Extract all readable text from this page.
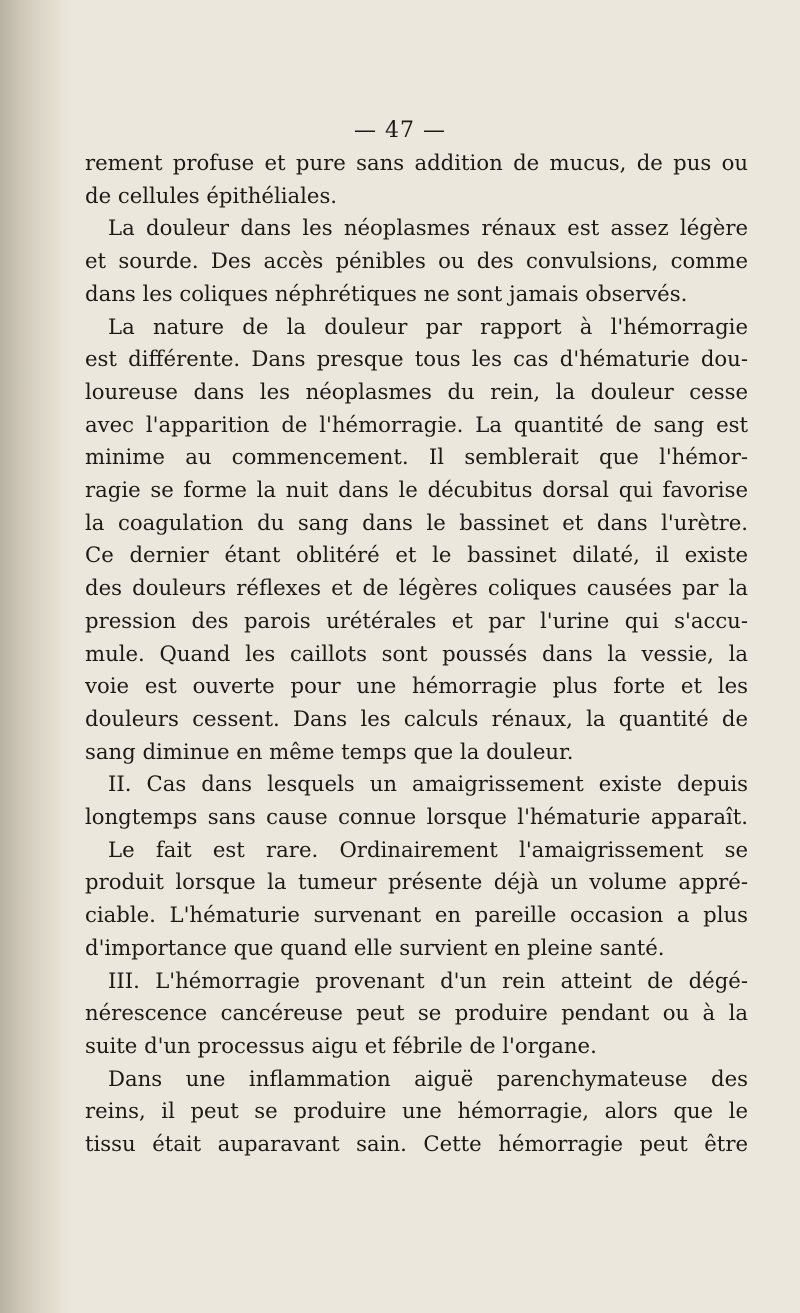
— 47 —
rement profuse et pure sans addition de mucus, de pus ou
de cellules épithéliales.
La douleur dans les néoplasmes rénaux est assez légère
et sourde. Des accès pénibles ou des convulsions, comme
dans les coliques néphrétiques ne sont jamais observés.
La nature de la douleur par rapport à l'hémorragie
est différente. Dans presque tous les cas d'hématurie dou-
loureuse dans les néoplasmes du rein, la douleur cesse
avec l'apparition de l'hémorragie. La quantité de sang est
minime au commencement. Il semblerait que l'hémor-
ragie se forme la nuit dans le décubitus dorsal qui favorise
la coagulation du sang dans le bassinet et dans l'urètre.
Ce dernier étant oblitéré et le bassinet dilaté, il existe
des douleurs réflexes et de légères coliques causées par la
pression des parois urétérales et par l'urine qui s'accu-
mule. Quand les caillots sont poussés dans la vessie, la
voie est ouverte pour une hémorragie plus forte et les
douleurs cessent. Dans les calculs rénaux, la quantité de
sang diminue en même temps que la douleur.
II. Cas dans lesquels un amaigrissement existe depuis
longtemps sans cause connue lorsque l'hématurie apparaît.
Le fait est rare. Ordinairement l'amaigrissement se
produit lorsque la tumeur présente déjà un volume appré-
ciable. L'hématurie survenant en pareille occasion a plus
d'importance que quand elle survient en pleine santé.
III. L'hémorragie provenant d'un rein atteint de dégé-
nérescence cancéreuse peut se produire pendant ou à la
suite d'un processus aigu et fébrile de l'organe.
Dans une inflammation aiguë parenchymateuse des
reins, il peut se produire une hémorragie, alors que le
tissu était auparavant sain. Cette hémorragie peut être
